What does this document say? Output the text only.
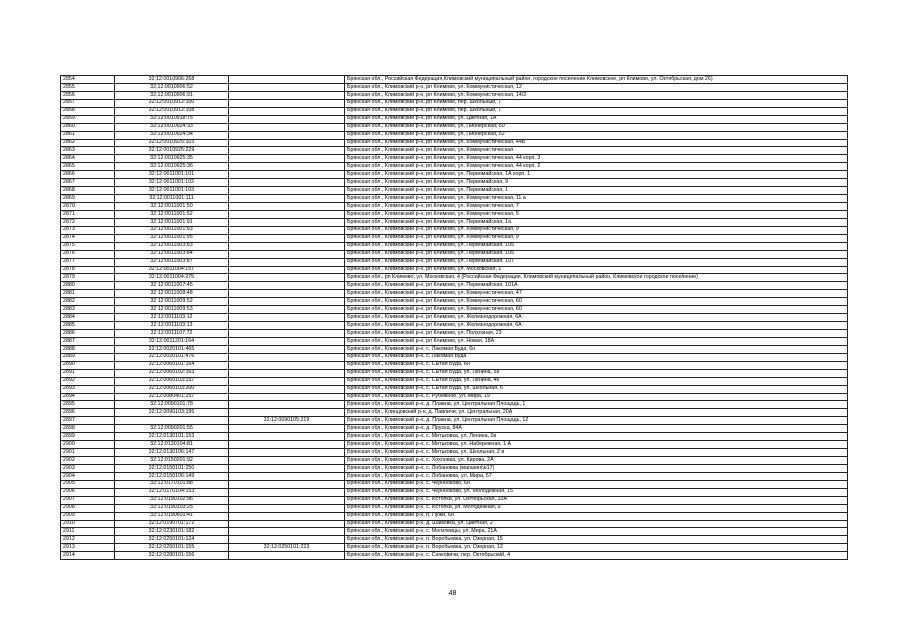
2854	32:12:0010906:268		Брянская обл., Российская Федерация,Климовский муниципальный район, городское поселение Климовское, рп Климово, ул. Октябрьская, дом 26)
2855	32:12:0010906:52		Брянская обл., Климовский р-н, рп Климово, ул. Коммунистическая, 12
2856	32:12:0010906:91		Брянская обл., Климовский р-н, рп Климово, ул. Коммунистическая, 14/2
2857	32:12:0010912:100		Брянская обл., Климовский р-н, рп Климово, пер. Школьный, 7
2858	32:12:0010912:108		Брянская обл., Климовский р-н, рп Климово, пер. Школьный, 7
2859	32:12:0010918:75		Брянская обл., Климовский р-н, рп Климово, ул. Цветная, 1А
2860	32:12:0010924:33		Брянская обл., Климовский р-н, рп Климово, ул. Пионерская, 50
2861	32:12:0010924:34		Брянская обл., Климовский р-н, рп Климово, ул. Пионерская, 52
2862	32:12:0010925:103		Брянская обл., Климовский р-н, рп Климово, ул. Коммунистическая, 44Б
2863	32:12:0010925:229		Брянская обл., Климовский р-н, рп Климово, ул. Коммунистическая
2864	32:12:0010925:35		Брянская обл., Климовский р-н, рп Климово, ул. Коммунистическая, 44 корп. 3
2865	32:12:0010925:36		Брянская обл., Климовский р-н, рп Климово, ул. Коммунистическая, 44 корп. 2
2866	32:12:0011001:101		Брянская обл., Климовский р-н, рп Климово, ул. Первомайская, 1А корп. 1
2867	32:12:0011001:102		Брянская обл., Климовский р-н, рп Климово, ул. Первомайская, 9
2868	32:12:0011001:103		Брянская обл., Климовский р-н, рп Климово, ул. Первомайская, 1
2869	32:12:0011001:111		Брянская обл., Климовский р-н, рп Климово, ул. Коммунистическая, 11 а
2870	32:12:0011001:50		Брянская обл., Климовский р-н, рп Климово, ул. Коммунистическая, 7
2871	32:12:0011001:52		Брянская обл., Климовский р-н, рп Климово, ул. Коммунистическая, 5
2872	32:12:0011001:91		Брянская обл., Климовский р-н, рп Климово, ул. Первомайская, 1а
2873	32:12:0011001:93		Брянская обл., Климовский р-н, рп Климово, ул. Коммунистическая, 9
2874	32:12:0011001:95		Брянская обл., Климовский р-н, рп Климово, ул. Коммунистическая, 9
2875	32:12:0011003:83		Брянская обл., Климовский р-н, рп Климово, ул. Первомайская, 105
2876	32:12:0011003:84		Брянская обл., Климовский р-н, рп Климово, ул. Первомайская, 105
2877	32:12:0011003:87		Брянская обл., Климовский р-н, рп Климово, ул. Первомайская, 107
2878	32:12:0011004:157		Брянская обл., Климовский р-н, рп Климово, ул. Московская, 1
2879	32:12:0011004:275		Брянская обл., рп Климово, ул. Московская, 4 (Российская Федерация, Климовский муниципальный район, Климовское городское поселение)
2880	32:12:0011007:45		Брянская обл., Климовский р-н, рп Климово, ул. Первомайская, 101А
2881	32:12:0011008:48		Брянская обл., Климовский р-н, рп Климово, ул. Коммунистическая, 47
2882	32:12:0011009:52		Брянская обл., Климовский р-н, рп Климово, ул. Коммунистическая, 60
2883	32:12:0011009:53		Брянская обл., Климовский р-н, рп Климово, ул. Коммунистическая, 60
2884	32:12:0011103:12		Брянская обл., Климовский р-н, рп Климово, ул. Железнодорожная, 6А
2885	32:12:0011103:13		Брянская обл., Климовский р-н, рп Климово, ул. Железнодорожная, 6А
2886	32:12:0011107:72		Брянская обл., Климовский р-н, рп Климово, ул. Полхозная, 23
2887	32:12:0011201:164		Брянская обл., Климовский р-н, рп Климово, ул. Новая, 18А
2888	32:12:0020101:465		Брянская обл., Климовский р-н, с. Лакомая Буда, 6н
2889	32:12:0020101:476		Брянская обл., Климовский р-н, с. Лакомая Буда
2890	32:12:0060101:164		Брянская обл., Климовский р-н, с. Сытая Буда, 6н
2891	32:12:0060102:163		Брянская обл., Климовский р-н, с. Сытая Буда, ул. Ленина, 58
2892	32:12:0060103:157		Брянская обл., Климовский р-н, с. Сытая Буда, ул. Ленина, 46
2893	32:12:0060103:200		Брянская обл., Климовский р-н, с. Сытая Буда, ул. Школьная, 6
2894	32:12:0080401:257		Брянская обл., Климовский р-н, с. Рубежное, ул. Мира, 19
2895	32:12:0090101:78		Брянская обл., Климовский р-н, д. Плавна, ул. Центральная Площадь, 1
2896	32:12:0090103:195		Брянская обл., Клинцовский р-н, д. Павличи, ул. Центральная, 20А
2897		32:12:0090105:219	Брянская обл., Климовский р-н, д. Плавна, ул. Центральная Площадь, 12
2898	32:12:0090201:55		Брянская обл., Климовский р-н, д. Пруска, 84А
2899	32:12:0130101:153		Брянская обл., Климовский р-н, с. Митьковка, ул. Ленина, 2в
2900	32:12:0130104:81		Брянская обл., Климовский р-н, с. Митьковка, ул. Набережная, 1 А
2901	32:12:0130106:147		Брянская обл., Климовский р-н, с. Митьковка, ул. Школьная, 2 в
2902	32:12:0150201:92		Брянская обл., Климовский р-н, с. Хохловка, ул. Кирова, 2А
2903	32:12:0150101:250		Брянская обл., Климовский р-н, с. Лобановка (магазин№17)
2904	32:12:0150106:149		Брянская обл., Климовский р-н, с. Лобановка, ул. Мира, 57
2905	32:12:0170101:88		Брянская обл., Климовский р-н, с. Чернооково, 6н
2906	32:12:0170104:153		Брянская обл., Климовский р-н, с. Чернооково, ул. Молодежная, 15
2907	32:12:0190102:96		Брянская обл., Климовский р-н, с. Истопки, ул. Октябрьская, 33А
2908	32:12:0190103:25		Брянская обл., Климовский р-н, с. Истопки, ул. Молодежная, 9
2909	32:12:0190601:41		Брянская обл., Климовский р-н, п. Пужи, 6н
2910	32:12:0190701:172		Брянская обл., Климовский р-н, д. Шамовка, ул. Цветная, 2
2911	32:12:0230101:182		Брянская обл., Климовский р-н, с. Могилевцы, ул. Мира, 21А
2912	32:12:0250101:124		Брянская обл., Климовский р-н, п. Воробьевка, ул. Озерная, 15
2913	32:12:0250101:155	32:12:0250101:223	Брянская обл., Климовский р-н, п. Воробьевка, ул. Озерная, 12
2914	32:12:0280101:156		Брянская обл., Климовский р-н, с. Сачковичи, пер. Октябрьский, 4
48
